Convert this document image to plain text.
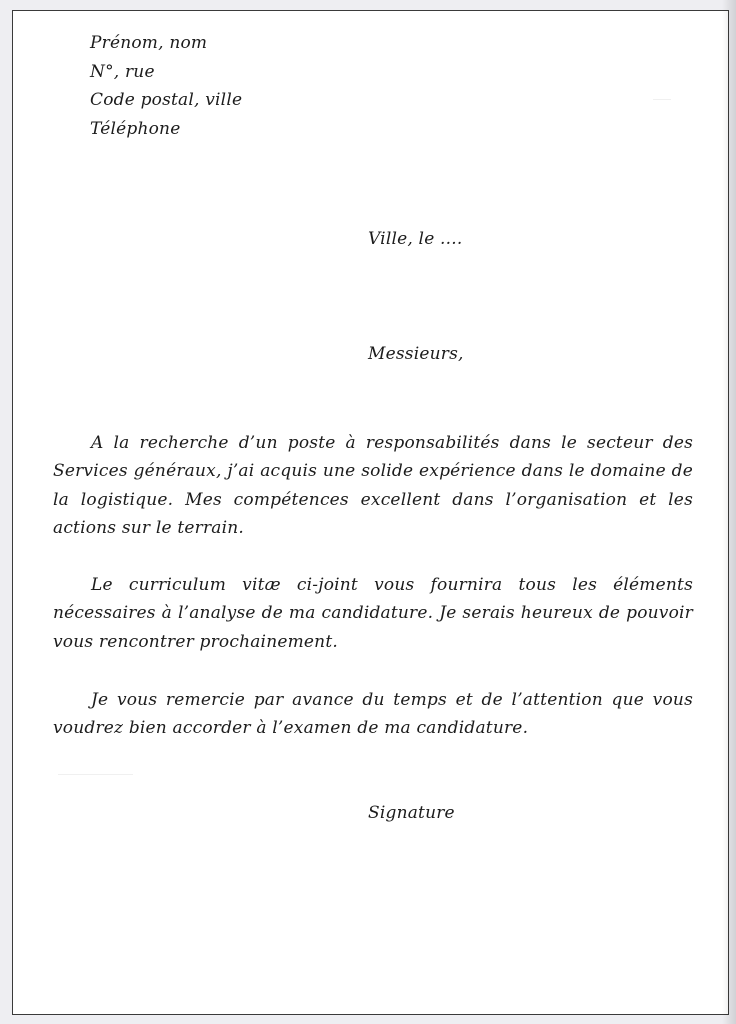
Prénom, nom
N°, rue
Code postal, ville
Téléphone
Ville, le ....
Messieurs,
A la recherche d’un poste à responsabilités dans le secteur des Services généraux, j’ai acquis une solide expérience dans le domaine de la logistique. Mes compétences excellent dans l’organisation et les actions sur le terrain.
Le curriculum vitæ ci-joint vous fournira tous les éléments nécessaires à l’analyse de ma candidature. Je serais heureux de pouvoir vous rencontrer prochainement.
Je vous remercie par avance du temps et de l’attention que vous voudrez bien accorder à l’examen de ma candidature.
Signature
